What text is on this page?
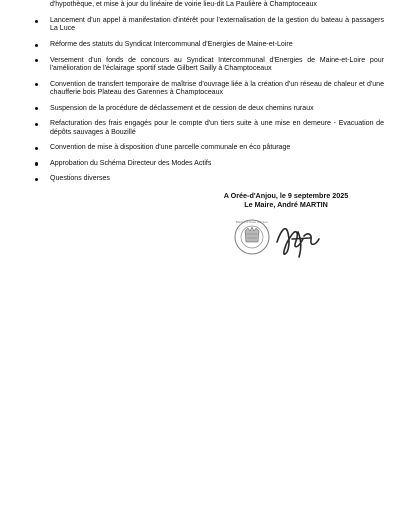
d'hypothèque, et mise à jour du linéaire de voirie lieu-dit La Paulière à Champtoceaux
Lancement d'un appel à manifestation d'intérêt pour l'externalisation de la gestion du bateau à passagers La Luce
Réforme des statuts du Syndicat Intercommunal d'Energies de Maine-et-Loire
Versement d'un fonds de concours au Syndicat Intercommunal d'Energies de Maine-et-Loire pour l'amélioration de l'éclairage sportif stade Gilbert Sailly à Champtoceaux
Convention de transfert temporaire de maîtrise d'ouvrage liée à la création d'un réseau de chaleur et d'une chaufferie bois Plateau des Garennes à Champtoceaux
Suspension de la procédure de déclassement et de cession de deux chemins ruraux
Refacturation des frais engagés pour le compte d'un tiers suite à une mise en demeure - Evacuation de dépôts sauvages à Bouzillé
Convention de mise à disposition d'une parcelle communale en éco pâturage
Approbation du Schéma Directeur des Modes Actifs
Questions diverses
A Orée-d'Anjou, le 9 septembre 2025
Le Maire, André MARTIN
Mairie d'Orée d'Anjou
